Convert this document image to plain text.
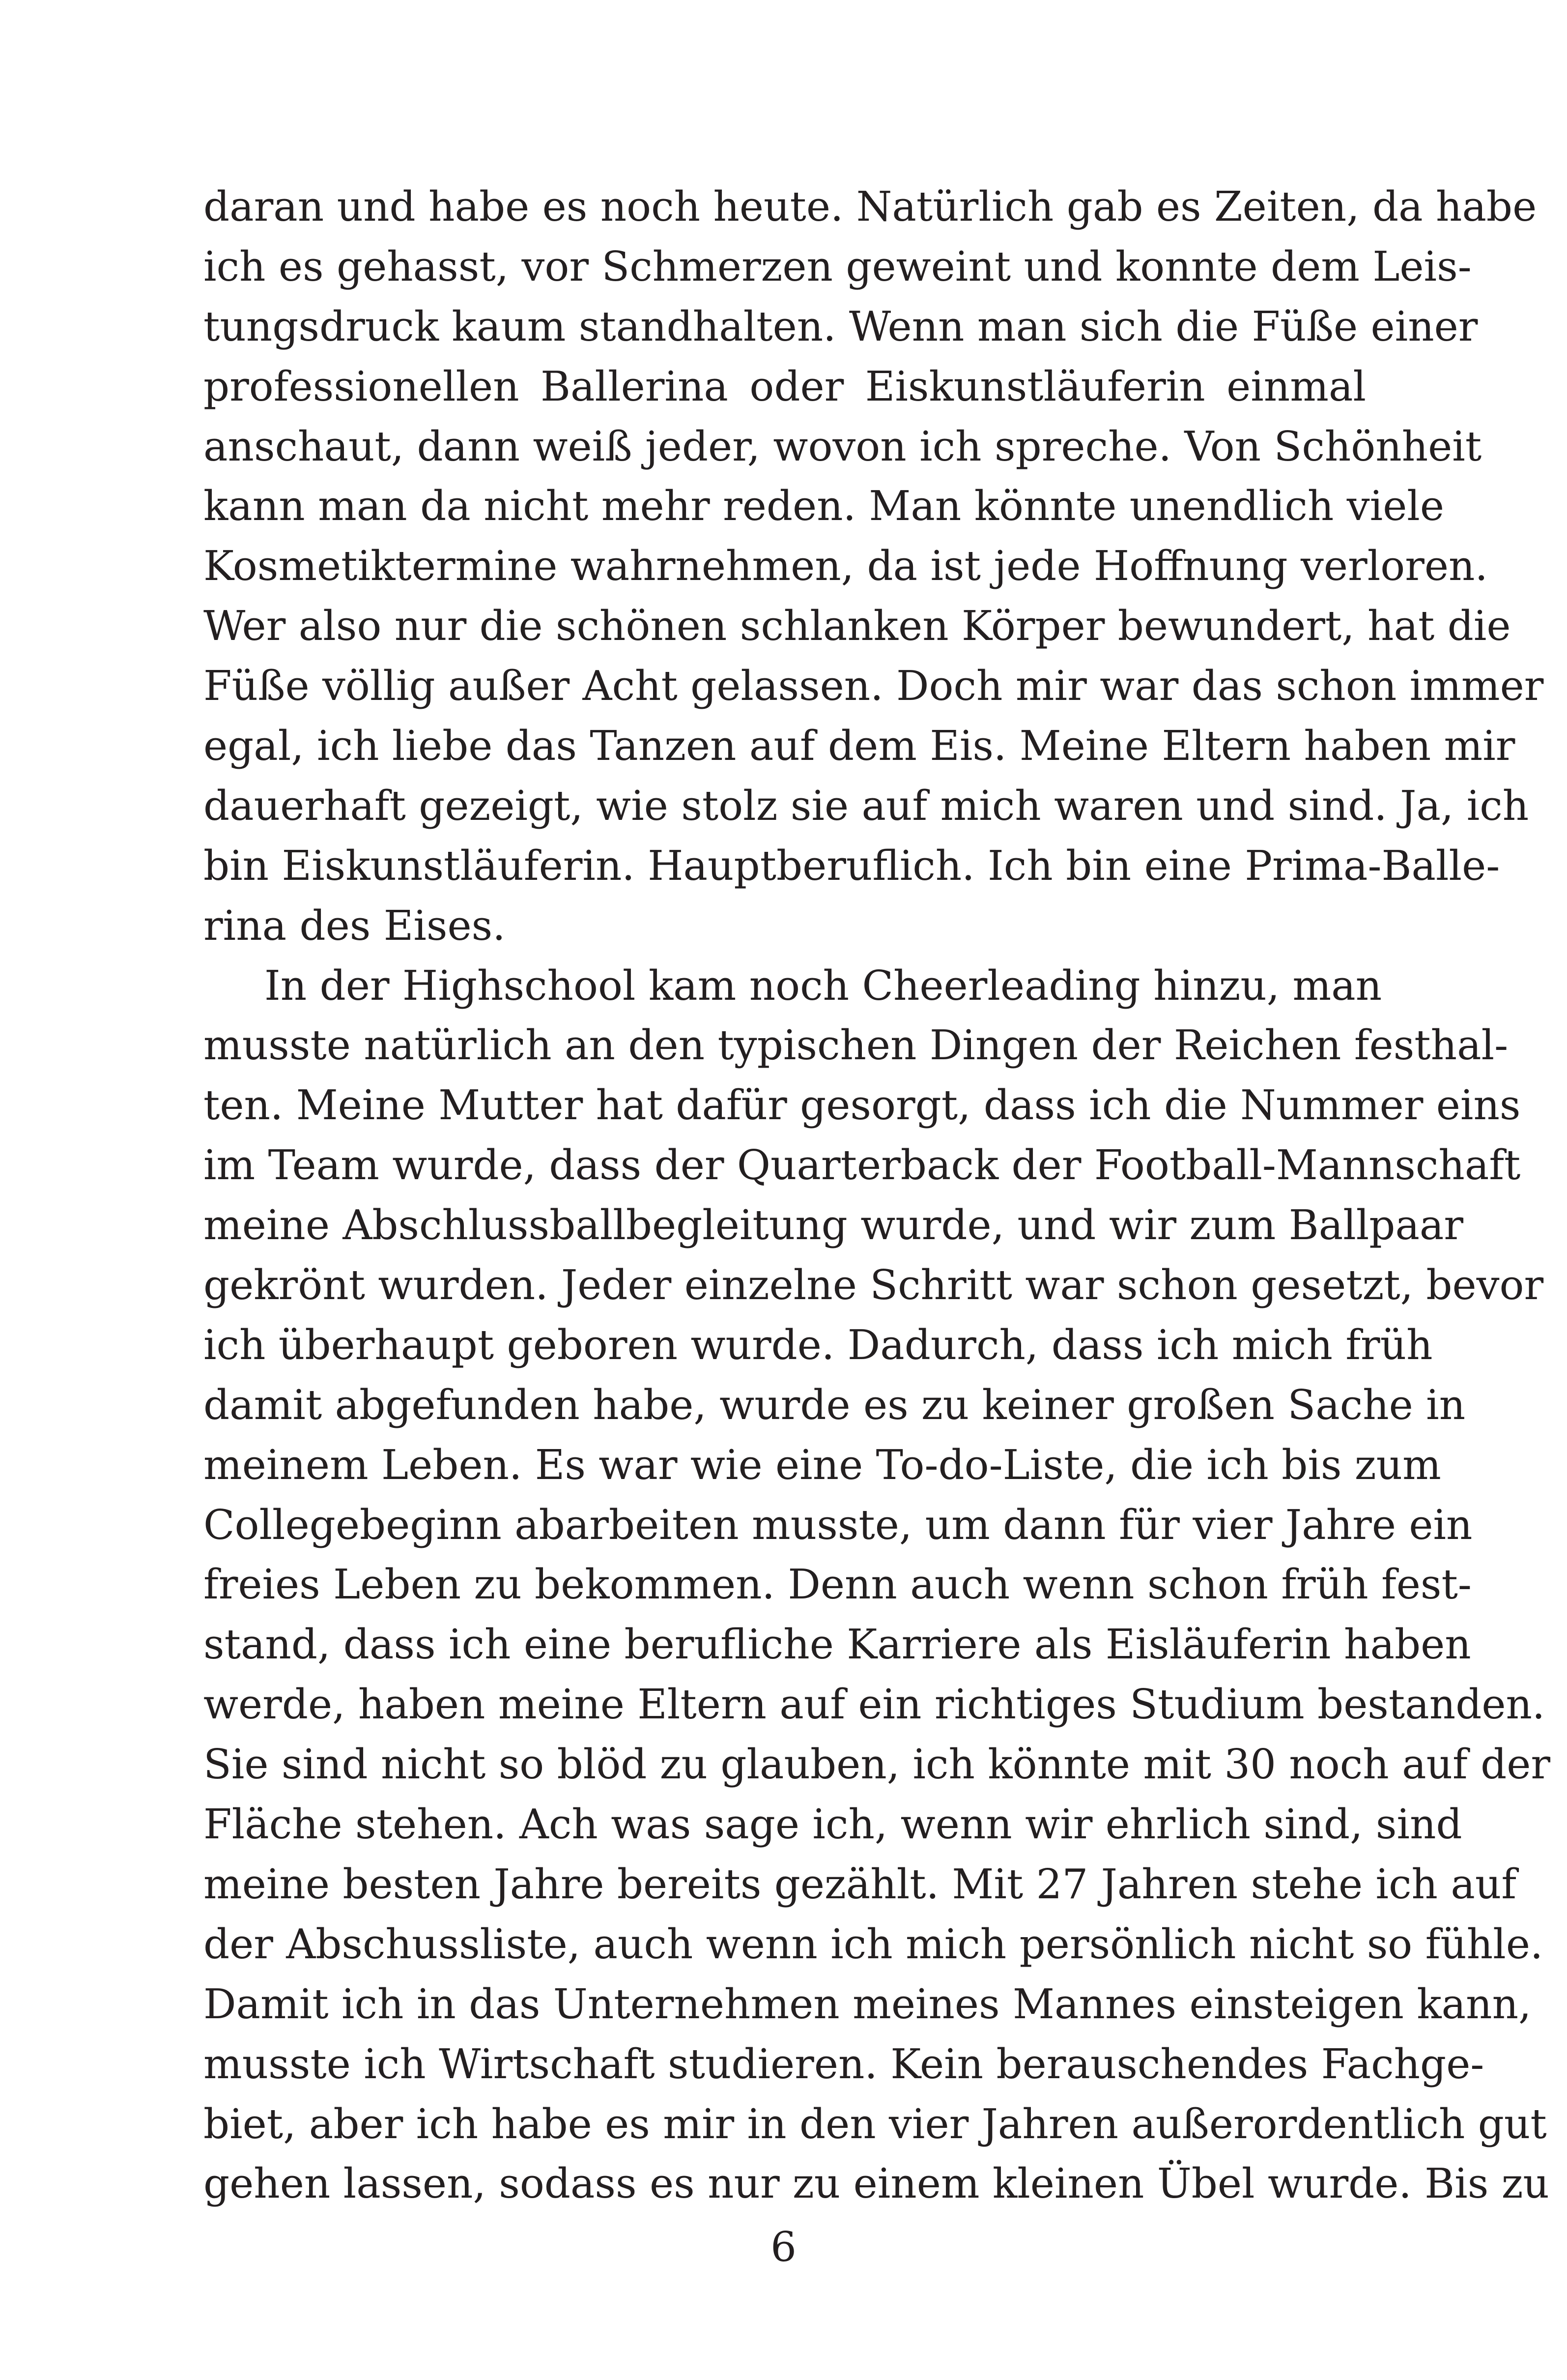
daran und habe es noch heute. Natürlich gab es Zeiten, da habe
ich es gehasst, vor Schmerzen geweint und konnte dem Leis-
tungsdruck kaum standhalten. Wenn man sich die Füße einer
professionellen Ballerina oder Eiskunstläuferin einmal
anschaut, dann weiß jeder, wovon ich spreche. Von Schönheit
kann man da nicht mehr reden. Man könnte unendlich viele
Kosmetiktermine wahrnehmen, da ist jede Hoffnung verloren.
Wer also nur die schönen schlanken Körper bewundert, hat die
Füße völlig außer Acht gelassen. Doch mir war das schon immer
egal, ich liebe das Tanzen auf dem Eis. Meine Eltern haben mir
dauerhaft gezeigt, wie stolz sie auf mich waren und sind. Ja, ich
bin Eiskunstläuferin. Hauptberuflich. Ich bin eine Prima-Balle-
rina des Eises.
In der Highschool kam noch Cheerleading hinzu, man
musste natürlich an den typischen Dingen der Reichen festhal-
ten. Meine Mutter hat dafür gesorgt, dass ich die Nummer eins
im Team wurde, dass der Quarterback der Football-Mannschaft
meine Abschlussballbegleitung wurde, und wir zum Ballpaar
gekrönt wurden. Jeder einzelne Schritt war schon gesetzt, bevor
ich überhaupt geboren wurde. Dadurch, dass ich mich früh
damit abgefunden habe, wurde es zu keiner großen Sache in
meinem Leben. Es war wie eine To-do-Liste, die ich bis zum
Collegebeginn abarbeiten musste, um dann für vier Jahre ein
freies Leben zu bekommen. Denn auch wenn schon früh fest-
stand, dass ich eine berufliche Karriere als Eisläuferin haben
werde, haben meine Eltern auf ein richtiges Studium bestanden.
Sie sind nicht so blöd zu glauben, ich könnte mit 30 noch auf der
Fläche stehen. Ach was sage ich, wenn wir ehrlich sind, sind
meine besten Jahre bereits gezählt. Mit 27 Jahren stehe ich auf
der Abschussliste, auch wenn ich mich persönlich nicht so fühle.
Damit ich in das Unternehmen meines Mannes einsteigen kann,
musste ich Wirtschaft studieren. Kein berauschendes Fachge-
biet, aber ich habe es mir in den vier Jahren außerordentlich gut
gehen lassen, sodass es nur zu einem kleinen Übel wurde. Bis zu
6
